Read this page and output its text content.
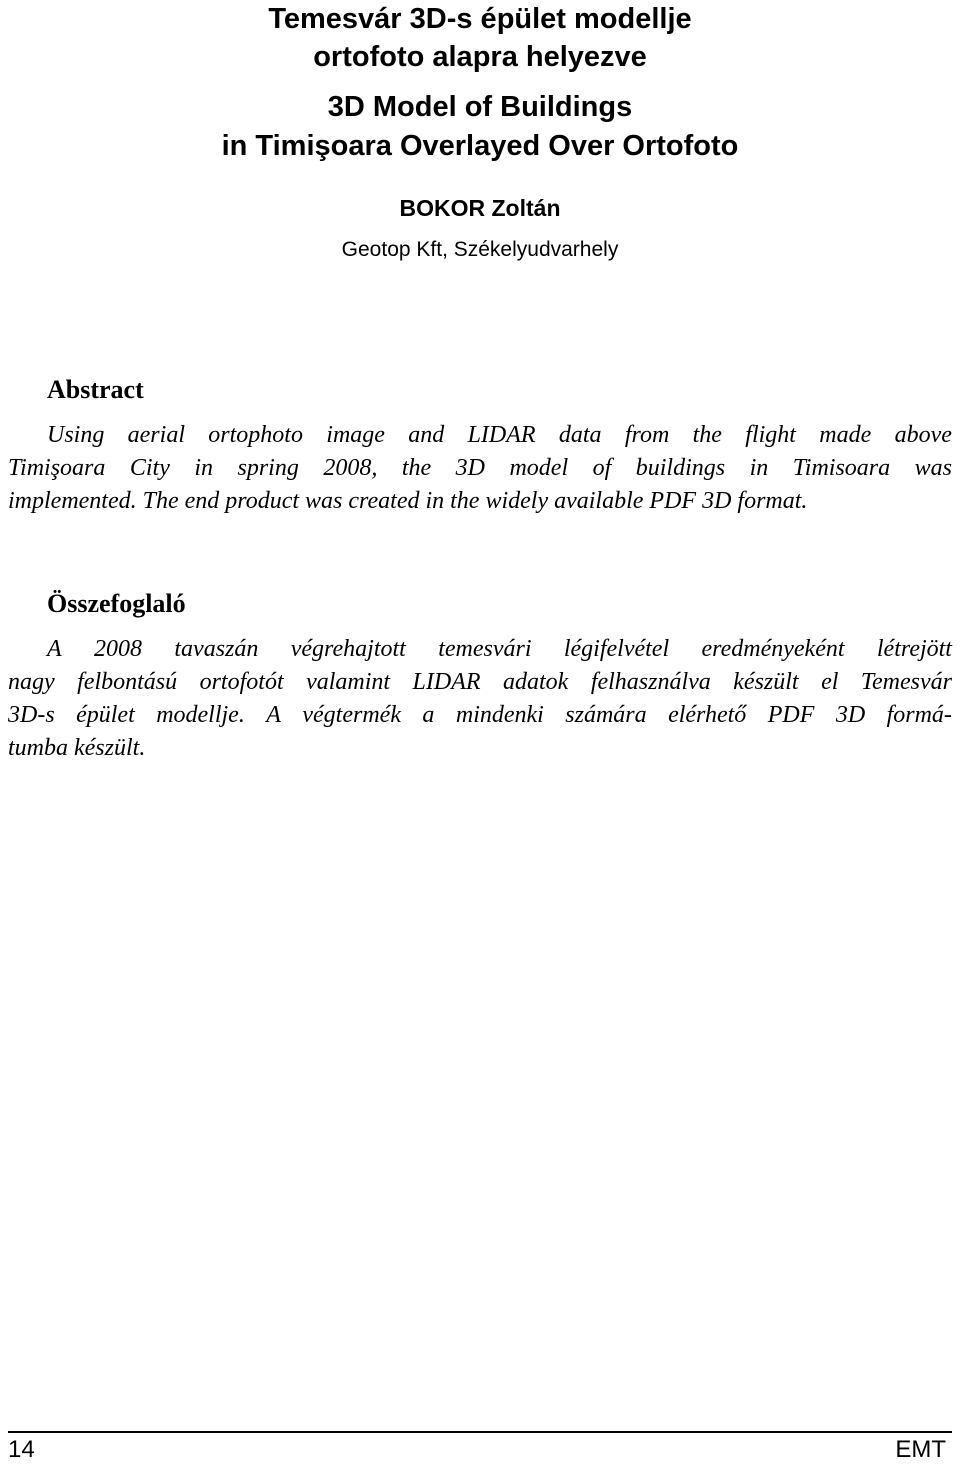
Temesvár 3D-s épület modellje
ortofoto alapra helyezve
3D Model of Buildings
in Timişoara Overlayed Over Ortofoto
BOKOR Zoltán
Geotop Kft, Székelyudvarhely
Abstract
Using aerial ortophoto image and LIDAR data from the flight made above
Timişoara City in spring 2008, the 3D model of buildings in Timisoara was
implemented. The end product was created in the widely available PDF 3D format.
Összefoglaló
A 2008 tavaszán végrehajtott temesvári légifelvétel eredményeként létrejött
nagy felbontású ortofotót valamint LIDAR adatok felhasználva készült el Temesvár
3D-s épület modellje. A végtermék a mindenki számára elérhető PDF 3D formá-
tumba készült.
14	EMT
